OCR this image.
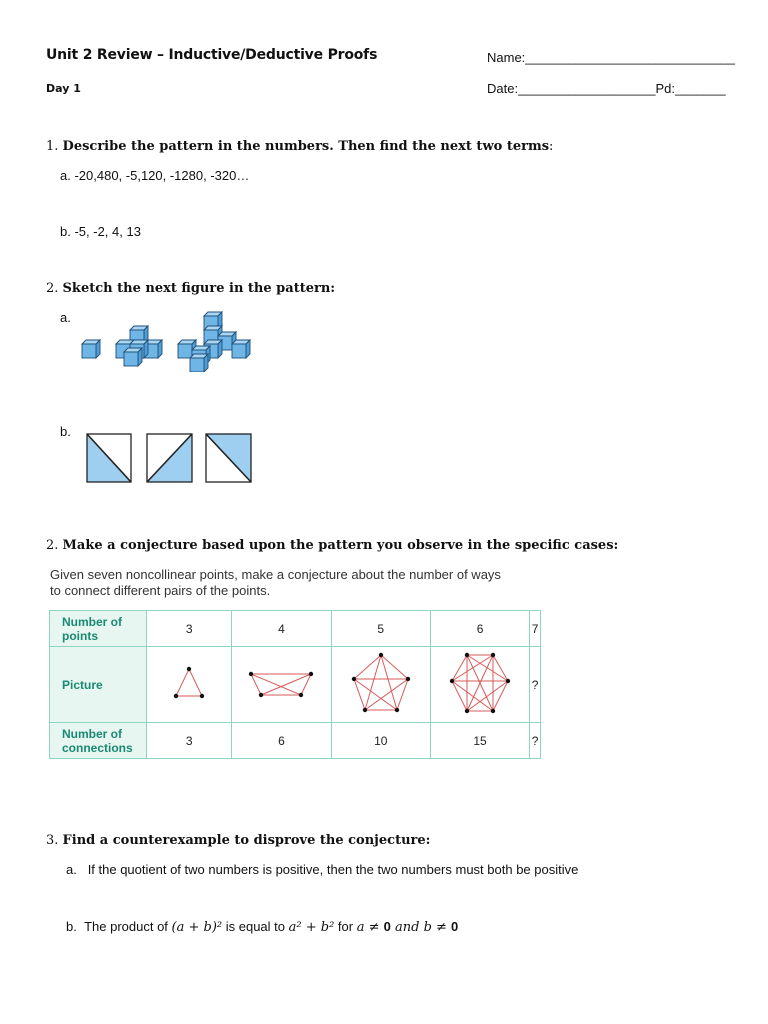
Unit 2 Review – Inductive/Deductive Proofs
Day 1
Name:_____________________________
Date:___________________Pd:_______
1. Describe the pattern in the numbers. Then find the next two terms:
a. -20,480, -5,120, -1280, -320…
b. -5, -2, 4, 13
2. Sketch the next figure in the pattern:
a.
b.
2. Make a conjecture based upon the pattern you observe in the specific cases:
Given seven noncollinear points, make a conjecture about the number of ways to connect different pairs of the points.
Number of points	3	4	5	6	7
Picture					?
Number of connections	3	6	10	15	?
3. Find a counterexample to disprove the conjecture:
a. If the quotient of two numbers is positive, then the two numbers must both be positive
b. The product of (a + b)² is equal to a² + b² for a ≠ 0 and b ≠ 0
